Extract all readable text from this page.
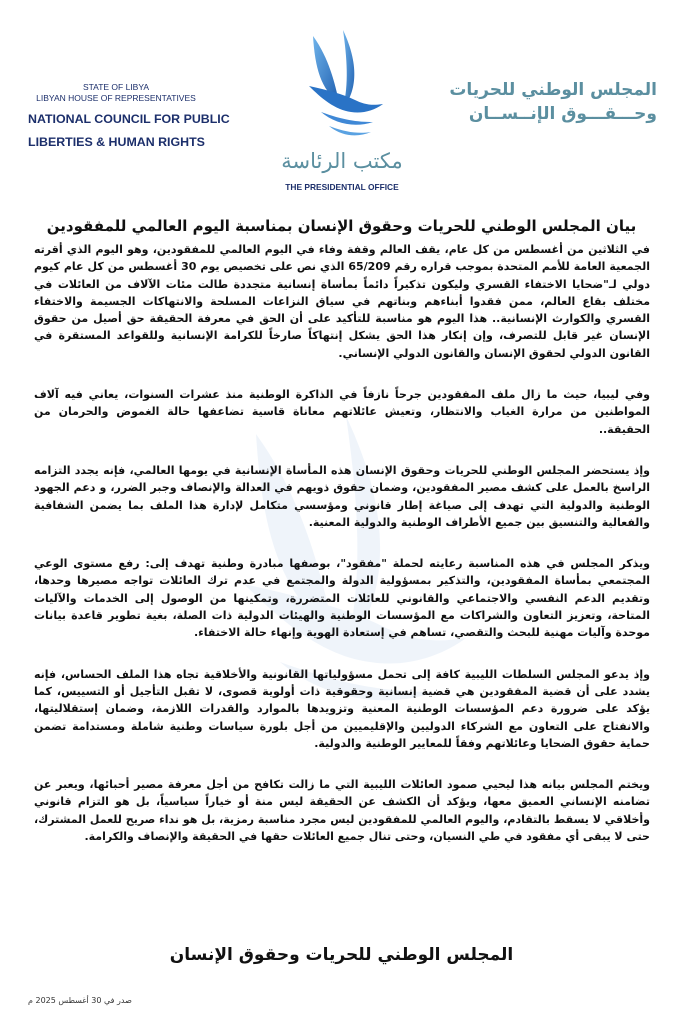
STATE OF LIBYA
LIBYAN HOUSE OF REPRESENTATIVES
NATIONAL COUNCIL FOR PUBLIC
LIBERTIES & HUMAN RIGHTS
المجلس الوطني للحريات
وحـــقـــوق الإنــســان
مكتب الرئاسة
THE PRESIDENTIAL OFFICE
بيان المجلس الوطني للحريات وحقوق الإنسان بمناسبة اليوم العالمي للمفقودين

في الثلاثين من أغسطس من كل عام، يقف العالم وقفة وفاء في اليوم العالمي للمفقودين، وهو اليوم الذي أقرته الجمعية العامة للأمم المتحدة بموجب قراره رقم 65/209 الذي نص على تخصيص يوم 30 أغسطس من كل عام كيوم دولي لـ"ضحايا الاختفاء القسري وليكون تذكيراً دائماً بمأساة إنسانية متجددة طالت مئات الآلاف من العائلات في مختلف بقاع العالم، ممن فقدوا أبناءهم وبناتهم في سياق النزاعات المسلحة والانتهاكات الجسيمة والاختفاء القسري والكوارث الإنسانية.. هذا اليوم هو مناسبة للتأكيد على أن الحق في معرفة الحقيقة حق أصيل من حقوق الإنسان غير قابل للتصرف، وإن إنكار هذا الحق يشكل إنتهاكاً صارخاً للكرامة الإنسانية وللقواعد المستقرة في القانون الدولي لحقوق الإنسان والقانون الدولي الإنساني.

وفي ليبيا، حيث ما زال ملف المفقودين جرحاً نازفاً في الذاكرة الوطنية منذ عشرات السنوات، يعاني فيه آلاف المواطنين من مرارة الغياب والانتظار، وتعيش عائلاتهم معاناة قاسية تضاعفها حالة الغموض والحرمان من الحقيقة..

وإذ يستحضر المجلس الوطني للحريات وحقوق الإنسان هذه المأساة الإنسانية في يومها العالمي، فإنه يجدد التزامه الراسخ بالعمل على كشف مصير المفقودين، وضمان حقوق ذويهم في العدالة والإنصاف وجبر الضرر، و دعم الجهود الوطنية والدولية التي تهدف إلى صياغة إطار قانوني ومؤسسي متكامل لإدارة هذا الملف بما يضمن الشفافية والفعالية والتنسيق بين جميع الأطراف الوطنية والدولية المعنية.

ويذكر المجلس في هذه المناسبة رعايته لحملة "مفقود"، بوصفها مبادرة وطنية تهدف إلى: رفع مستوى الوعي المجتمعي بمأساة المفقودين، والتذكير بمسؤولية الدولة والمجتمع في عدم ترك العائلات تواجه مصيرها وحدها، وتقديم الدعم النفسي والاجتماعي والقانوني للعائلات المتضررة، وتمكينها من الوصول إلى الخدمات والآليات المتاحة، وتعزيز التعاون والشراكات مع المؤسسات الوطنية والهيئات الدولية ذات الصلة، بغية تطوير قاعدة بيانات موحدة وآليات مهنية للبحث والتقصي، تساهم في إستعادة الهوية وإنهاء حالة الاختفاء.

وإذ يدعو المجلس السلطات الليبية كافة إلى تحمل مسؤولياتها القانونية والأخلاقية تجاه هذا الملف الحساس، فإنه يشدد على أن قضية المفقودين هي قضية إنسانية وحقوقية ذات أولوية قصوى، لا تقبل التأجيل أو التسييس، كما يؤكد على ضرورة دعم المؤسسات الوطنية المعنية وتزويدها بالموارد والقدرات اللازمة، وضمان إستقلاليتها، والانفتاح على التعاون مع الشركاء الدوليين والإقليميين من أجل بلورة سياسات وطنية شاملة ومستدامة تضمن حماية حقوق الضحايا وعائلاتهم وفقاً للمعايير الوطنية والدولية.

ويختم المجلس بيانه هذا ليحيي صمود العائلات الليبية التي ما زالت تكافح من أجل معرفة مصير أحبائها، ويعبر عن تضامنه الإنساني العميق معها، ويؤكد أن الكشف عن الحقيقة ليس منة أو خياراً سياسياً، بل هو التزام قانوني وأخلاقي لا يسقط بالتقادم، واليوم العالمي للمفقودين ليس مجرد مناسبة رمزية، بل هو نداء صريح للعمل المشترك، حتى لا يبقى أي مفقود في طي النسيان، وحتى تنال جميع العائلات حقها في الحقيقة والإنصاف والكرامة.

المجلس الوطني للحريات وحقوق الإنسان
صدر في 30 أغسطس 2025 م
